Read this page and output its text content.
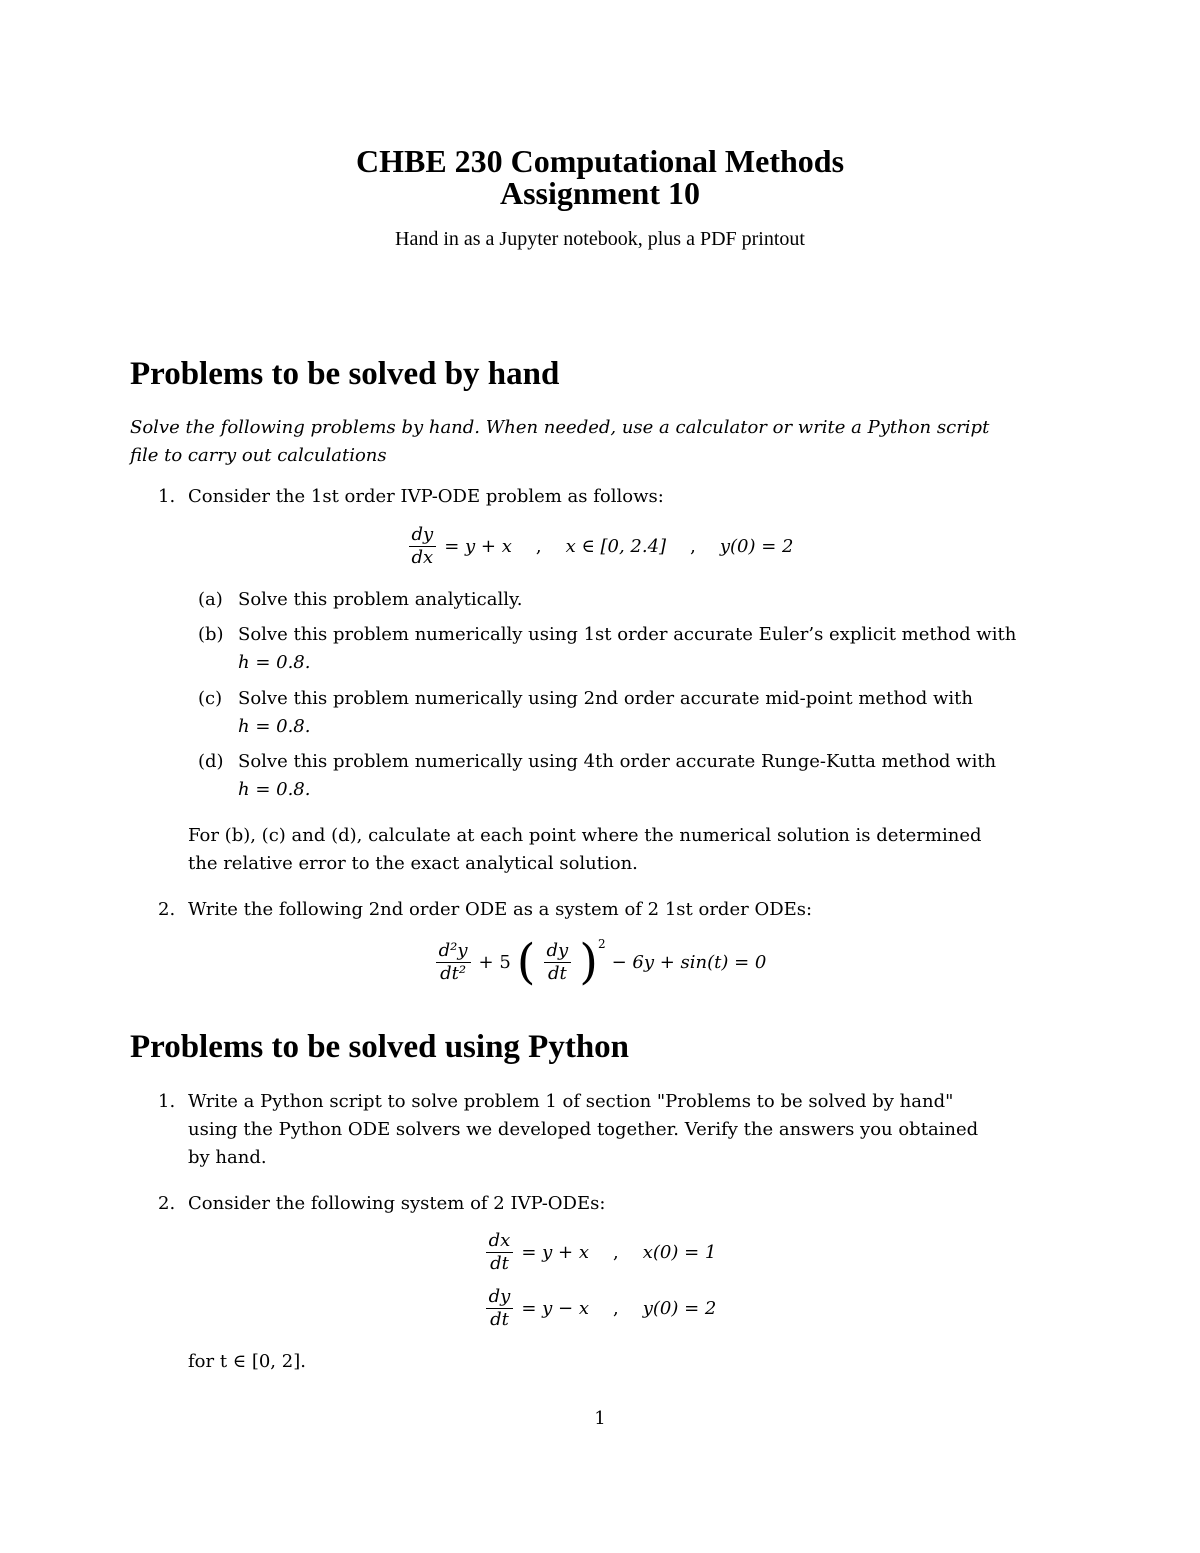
CHBE 230 Computational Methods
Assignment 10
Hand in as a Jupyter notebook, plus a PDF printout
Problems to be solved by hand
Solve the following problems by hand. When needed, use a calculator or write a Python script
file to carry out calculations
1. Consider the 1st order IVP-ODE problem as follows:
$\frac{dy}{dx} = y + x$ , x ∈ [0, 2.4] , y(0) = 2
(a) Solve this problem analytically.
(b) Solve this problem numerically using 1st order accurate Euler’s explicit method with
h = 0.8.
(c) Solve this problem numerically using 2nd order accurate mid-point method with
h = 0.8.
(d) Solve this problem numerically using 4th order accurate Runge-Kutta method with
h = 0.8.
For (b), (c) and (d), calculate at each point where the numerical solution is determined
the relative error to the exact analytical solution.
2. Write the following 2nd order ODE as a system of 2 1st order ODEs:
$\frac{\text{d²y}}{\text{dt²}} + 5$ ( $\frac{dy}{dt}$ ) 2
− 6y + sin(t) = 0
Problems to be solved using Python
1. Write a Python script to solve problem 1 of section "Problems to be solved by hand"
using the Python ODE solvers we developed together. Verify the answers you obtained
by hand.
2. Consider the following system of 2 IVP-ODEs:
$\frac{dx}{dt} = y + x$ , x(0) = 1
$\frac{dy}{dt} = y - x$ , y(0) = 2
for t ∈ [0, 2].
1
